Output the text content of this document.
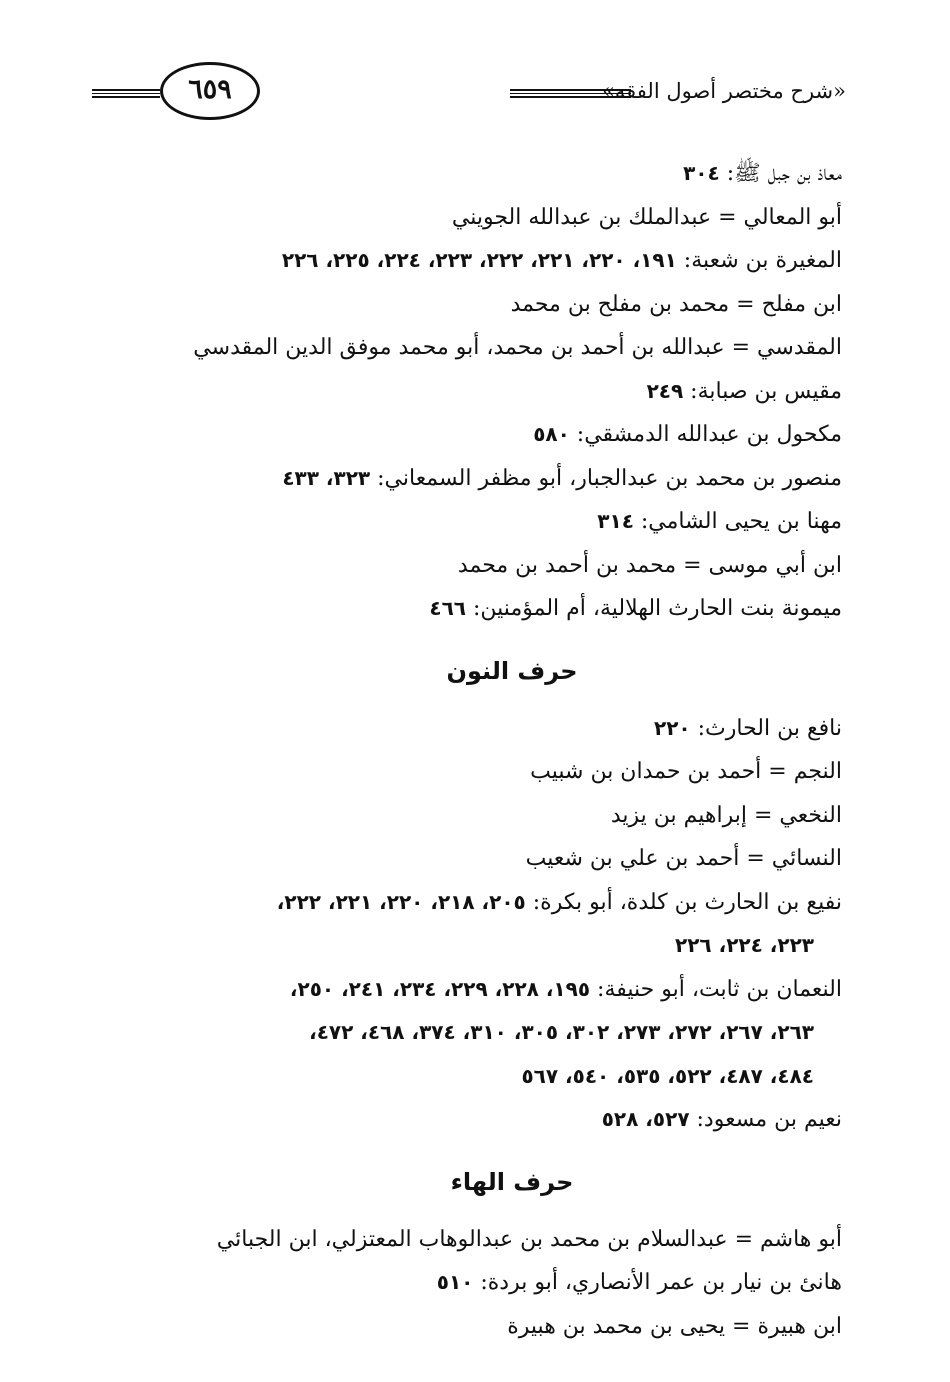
«شرح مختصر أصول الفقه»
٦٥٩

معاذ بن جبل ﷺ: ٣٠٤

أبو المعالي = عبدالملك بن عبدالله الجويني

المغيرة بن شعبة: ١٩١، ٢٢٠، ٢٢١، ٢٢٢، ٢٢٣، ٢٢٤، ٢٢٥، ٢٢٦

ابن مفلح = محمد بن مفلح بن محمد

المقدسي = عبدالله بن أحمد بن محمد، أبو محمد موفق الدين المقدسي

مقيس بن صبابة: ٢٤٩

مكحول بن عبدالله الدمشقي: ٥٨٠

منصور بن محمد بن عبدالجبار، أبو مظفر السمعاني: ٣٢٣، ٤٣٣

مهنا بن يحيى الشامي: ٣١٤

ابن أبي موسى = محمد بن أحمد بن محمد

ميمونة بنت الحارث الهلالية، أم المؤمنين: ٤٦٦

حرف النون

نافع بن الحارث: ٢٢٠

النجم = أحمد بن حمدان بن شبيب

النخعي = إبراهيم بن يزيد

النسائي = أحمد بن علي بن شعيب

نفيع بن الحارث بن كلدة، أبو بكرة: ٢٠٥، ٢١٨، ٢٢٠، ٢٢١، ٢٢٢،

٢٢٣، ٢٢٤، ٢٢٦

النعمان بن ثابت، أبو حنيفة: ١٩٥، ٢٢٨، ٢٢٩، ٢٣٤، ٢٤١، ٢٥٠،

٢٦٣، ٢٦٧، ٢٧٢، ٢٧٣، ٣٠٢، ٣٠٥، ٣١٠، ٣٧٤، ٤٦٨، ٤٧٢،

٤٨٤، ٤٨٧، ٥٢٢، ٥٣٥، ٥٤٠، ٥٦٧

نعيم بن مسعود: ٥٢٧، ٥٢٨

حرف الهاء

أبو هاشم = عبدالسلام بن محمد بن عبدالوهاب المعتزلي، ابن الجبائي

هانئ بن نيار بن عمر الأنصاري، أبو بردة: ٥١٠

ابن هبيرة = يحيى بن محمد بن هبيرة
